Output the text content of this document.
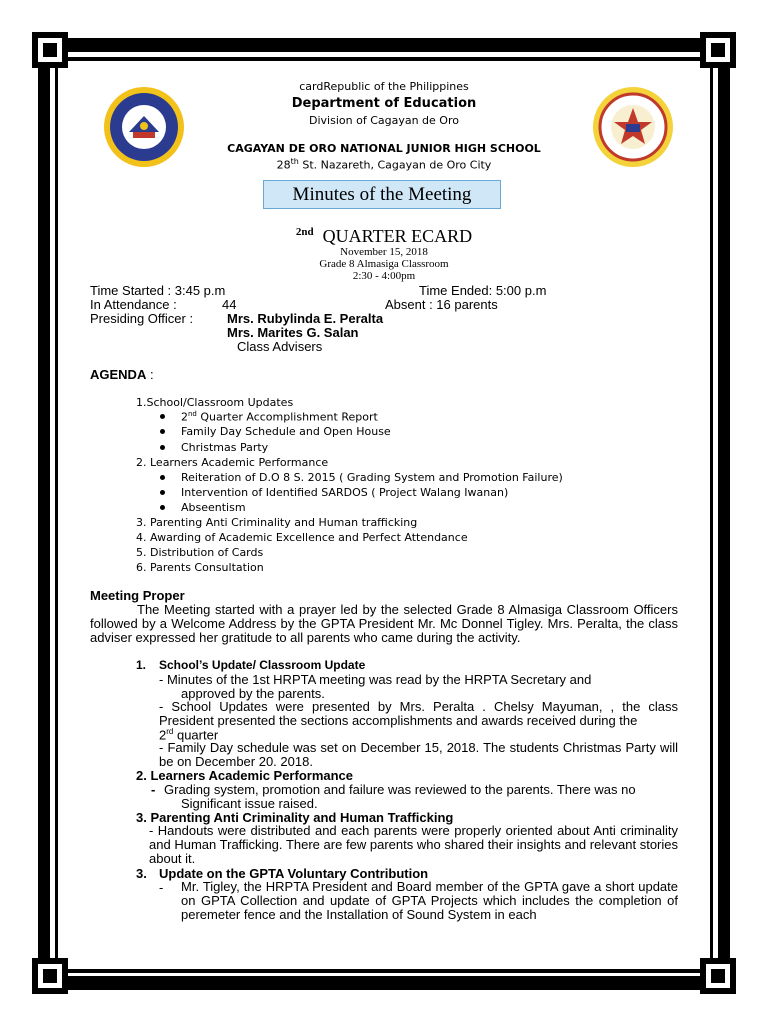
cardRepublic of the Philippines
Department of Education
Division of Cagayan de Oro
CAGAYAN DE ORO NATIONAL JUNIOR HIGH SCHOOL
28th St. Nazareth, Cagayan de Oro City
Minutes of the Meeting
$^{2nd}$ QUARTER ECARD
November 15, 2018
Grade 8 Almasiga Classroom
2:30 - 4:00pm
Time Started : 3:45 p.m	Time Ended: 5:00 p.m
In Attendance :	44	Absent : 16 parents
Presiding Officer :	Mrs. Rubylinda E. Peralta
Mrs. Marites G. Salan
Class Advisers
AGENDA :
1.School/Classroom Updates
2nd Quarter Accomplishment Report
Family Day Schedule and Open House
Christmas Party
2. Learners Academic Performance
Reiteration of D.O 8 S. 2015 ( Grading System and Promotion Failure)
Intervention of Identified SARDOS ( Project Walang Iwanan)
Abseentism
3. Parenting Anti Criminality and Human trafficking
4. Awarding of Academic Excellence and Perfect Attendance
5. Distribution of Cards
6. Parents Consultation
Meeting Proper
The Meeting started with a prayer led by the selected Grade 8 Almasiga Classroom Officers followed by a Welcome Address by the GPTA President Mr. Mc Donnel Tigley. Mrs. Peralta, the class adviser expressed her gratitude to all parents who came during the activity.
1. School’s Update/ Classroom Update
- Minutes of the 1st HRPTA meeting was read by the HRPTA Secretary and
approved by the parents.
- School Updates were presented by Mrs. Peralta . Chelsy Mayuman, , the class President presented the sections accomplishments and awards received during the
2rd quarter
- Family Day schedule was set on December 15, 2018. The students Christmas Party will be on December 20. 2018.
2. Learners Academic Performance
- Grading system, promotion and failure was reviewed to the parents. There was no
Significant issue raised.
3. Parenting Anti Criminality and Human Trafficking
- Handouts were distributed and each parents were properly oriented about Anti criminality and Human Trafficking. There are few parents who shared their insights and relevant stories about it.
3. Update on the GPTA Voluntary Contribution
- Mr. Tigley, the HRPTA President and Board member of the GPTA gave a short update on GPTA Collection and update of GPTA Projects which includes the completion of peremeter fence and the Installation of Sound System in each
